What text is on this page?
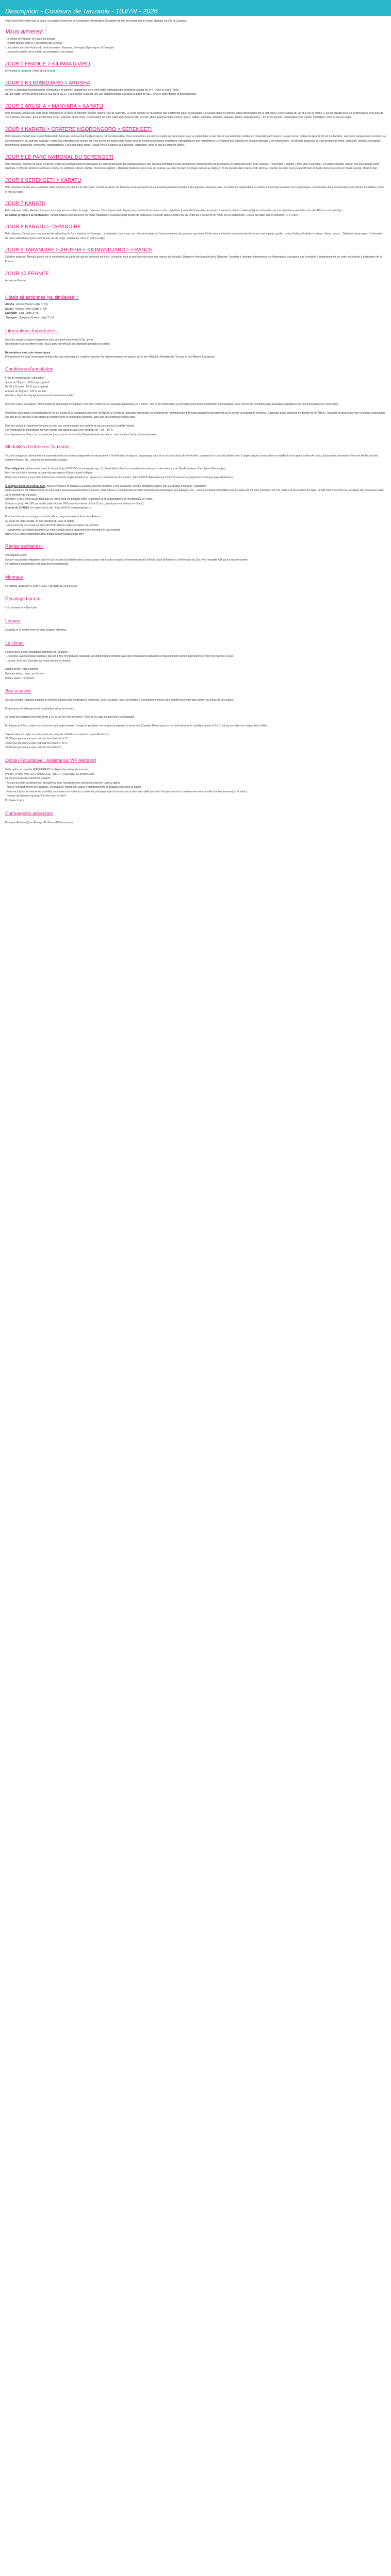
Description - Couleurs de Tanzanie - 10J/7N - 2026

Vous serez émerveillés par la faune, les plaines immenses et le mythique Kilimandjaro. Possibilité de finir en beauté par un séjour idyllique sur l'île de Zanzibar.

Vous aimerez :

- Le circuit en véhicule 4x4 avec toit ouvrant

- Le petit groupe limité à 7 personnes par véhicule

- Les safaris dans les 4 parcs du nord tanzanien : Manyara, Serengeti, Ngorongoro et Tarangire

- La marche guidée dans la forêt accompagnée d'un ranger

JOUR 1 FRANCE > KILIMANDJARO

Envol pour la Tanzanie. Dîner et nuit à bord.

JOUR 2 KILIMANDJARO > ARUSHA

Arrivée à l'aéroport international de Kilimandjaro et transfert anglophone vers votre hôtel. Attribution des chambres à partir de 14H. Dîner et nuit à l'hôtel.

ATTENTION : si vous arrivez dans la nuit du J1 au J2, il faut penser à ajouter une nuit supplémentaire à Arusha (à partir de 85€ / pers en base double et petit déjeuner).

JOUR 3 ARUSHA > MANYARA > KARATU

Petit déjeuner. Accueil par votre guide francophone et route en direction du parc national du Lac Manyara. Le visite du parc se caractérise par 3 différents types de paysages : la savane dans les plaines Masaï interrompue par la Rift Valley, la forêt autour du lac et le lac lui-même. C'est un paradis pour les ornithologues avec plus de 400 espèces d'oiseaux, dont les flamants roses. Déjeuner pique-nique. Continuation de votre safari dans l'après-midi. Le Parc abrite également des zèbres, gnous, buffles, babouins, léopards, impalas, girafes, hippopotames... En fin de journée, continuation vers Karatu. Installation, dîner et nuit au lodge.

JOUR 4 KARATU > CRATERE NGORONGORO > SERENGETI

Petit déjeuner. Départ pour le parc National du Serengeti en traversant la Ngorongoro Conservation Area. Vous descendrez au sein du cratère du Ngorongoro pour un safari dans ce lieu classé au patrimoine mondial de l'humanité par l'Unesco. Le parc est un cratère de plus de 20 km de diamètre, aux flancs relativement escarpés. La concentration en vie animale sauvage y est la plus importante du monde car c'est un lieu de transit et de séjour pour de nombreux animaux migrateurs, principalement des mammifères. La majorité des espèces de la faune africaine y est représentée : les grands troupeaux et leurs prédateurs (lions, guépards, hyènes), les grands mammifères (éléphants, rhinocéros, hippopotames). Déjeuner pique-nique. Départ vers les plaines du Serengeti. Installation, dîner et nuit au camp de tentes.

JOUR 5 LE PARC NATIONAL DU SERENGETI

Petit déjeuner. Journée de safari à travers le parc du Serengeti dont les paysages se caractérisent par des grandes plaines, des grandes termitières et des montículos rocheux précis les prédateurs se prélassent entre deux chasses. « Serengeti » signifie « terre vide et étendue » en langue massaï, est l'un des plus grands parcs d'Afrique. Il offre de nombreux animaux comme les antilopes, zèbres, buffles, rhinocéros, girafes... Déjeuner barbecue servi sous les acacias, au cœur du parc Serengeti. Retour au lodge en fin de journée dans l'après-midi. Arrêt au coucher du soleil pour un apéritif dans le Bush. Retour au camp en fin de journée. Dîner et nuit.

JOUR 6 SERENGETI > KARATU

Petit déjeuner. Départ pour un dernier safari à travers les plaines du Serengeti. C'est le seul parc de Tanzanie où les guépards et les léopards peuvent facilement être aperçus. Déjeuner dans un restaurant surplombant le cratère et traversée traversée de la Ngorongoro Conservation Area. Continuation vers Karatu. Installation, dîner et nuit au lodge.

JOUR 7 KARATU

Petit déjeuner buffet. Matinée libre pour vous reposer et profiter du lodge. Déjeuner. Dans l'après-midi, départ pour la visite d'une école ou d'un orphelinat (possibilité d'apporter des jouets, matériel scolaire ou vêtements) et continuation pour la visite d'une plantation de café. Dîner et nuit au lodge.

En option (à régler à la réservation) : départ matinal pour découvrir les tribus Hadzabés et Datogas (petit peuple de chasseurs-cueilleurs dans la région du lac Eyasi qui a conservé un mode de vie traditionnel). Retour au lodge pour le déjeuner. 70 € / pers.

JOUR 8 KARATU > TARANGIRE

Petit déjeuner. Départ pour une journée de safari dans le Parc National de Tarangire. La végétation de ce parc est riche en baobabs et l'environnement des grandes paroisses. Cette savane arborée concourt particulièrement aux impalas, girafes, cobes Defassa, bubales et élans, zèbres, gnous... Déjeuner pique-nique. Continuation de votre safari dans l'après-midi. Route vers le lodge. Installation, dîner et nuit au lodge.

JOUR 9 TARANGIRE > ARUSHA > KILIMANDJARO > FRANCE

Collation matinale. Marche guidée sur la concession du camp ain cas de présence de félins, la marche peut ne pas avoir lieu pour des raisons de sécurité). Départ en direction d'Arusha. Déjeuner. Transfert à l'aéroport international de Kilimandjaro, assistance aux formalités d'embarquement sur votre vol régulier à destination de la France.

JOUR 10 FRANCE

Arrivée en France.

Hôtels sélectionnés (ou similaires) :

Arusha : Arusha Planet Lodge 3* (nl)

Karatu : Marera Valley Lodge 3* (nl)

Serengeti : Lala Camp 3* (nl)

Tarangire : Sangaiwe Tented Lodge 3* (nl)

Informations Importantes :

Sacs de voyages souples obligatoires pour ce circuit (maximum 20 kg / pers).

Une grande roue est offerte et de l'eau à bord du véhicule est disponible pendant les safaris.

Réservations avec vols domestiques

Préalablement à toute réservation incluant des vols domestiques, veuillez consulter les réglementations en vigueur sur le site officiel du Ministère de l'Europe et des Affaires Étrangères

Conditions d'annulation

Frais de modifications / annulation :

A plus de 30 jours : 15% du prix global

De 30 à 15 jours : 85 % du prix global

A moins de 15 jours : 100 % de frais

Attention, l'ajout de bagage optionnel est non remboursable.

Pour les ventes packagées, Travel Explorer et package dynamique (vols secs, hôtels sec ou package dynamique vol + hôtel) : 100 % du montant de la réservation pour toute modification ou annulation, sous réserve de conditions plus favorables appliquées par le/les prestataire(s) concerné(s).

Pour toute annulation ou modification de vol de la part de la compagnie aérienne RYANAIR, le voyageur / passager devra faire sa demande de remboursement de façon autonome directement sur le site de la compagnie aérienne. S'agissant d'une exigence de gestion de RYANAIR, Voyamar ne pourra pas être tenu pour responsable à la fois de ce process et des délais de traitement de la compagnie aérienne, ainsi que des remboursements émis.

Pour les circuits et croisières fluviales ne sont pas recommandés aux enfants et aux personnes à mobilité réduite.

Les minimums de participants sur nos circuits sont garantis avec une flexibilité de + ou – 10 %.

Les déjeuners ou dîners du 1er et dernier jours sont en fonction de l'heure d'arrivée de l'avion : soit pris dans l'avion soit à destination.

Modalités d'entrée en Tanzanie :

Tous les voyageurs doivent être en possession des documents obligatoires et nécessaires à l'entrée dans le pays ou au passage dans le ou les pays d'escale éventuelle : passeport en cours de validité avec 2 pages vierges consécutives et valable 6 mois après la date de retour, autorisation parentale et livret de famille pour les enfants mineurs, etc... pour les ressortissants français.

Visa obligatoire : A demander avant le départ (https://XXXXX/visa.immigration.go.tz/). Possibilité d'obtenir un visa dans les aéroports internationaux de Dar-Es-Salaam, Zanzibar et Kilimandjaro.

Merci de nous faire parvenir la copie des passeports 45 jours avant le départ

Nous vous invitons à vous tenir informé des dernières réglementations en vigueur en consultant le site suivant : https://XXXX.diplomatie.gouv.fr/fr/conseils-aux-voyageurs/conseils-par-pays-destination

A compter du 01 OCTOBRE 2024, tous les visiteurs se rendant à Zanzibar devront souscrire à une assurance voyage obligatoire agréée par la Zanzibar Insurance Corporation.

Cette assurance est indépendante de toute autre assurance personnelle et couvre, entre autres, le rapatriement, les frais médicaux, les dommages aux bagages, etc... Cette couverture est valable pour un séjour de 92 jours maximum sur l'île. Suite à la souscription en ligne, un QR code sera fourni au voyageur afin de pouvoir entrer sur le territoire de Zanzibar.

Attention, il est à noter qu'un délai plus ou moins long est possible entre le moment de la souscription et la réception du QR code.

Coût (à ce jour) : 44 USD par adulte (réduction de 50% pour les enfants de 3 à 17 ans, gratuit pour les enfants de -3 ans).

A partir du 01/09/24, se rendre sur le site : https://XXXX.visitzanzibar.go.tz/

Pour tout inscrire son voyage sur le site officiel du gouvernement français « Ariane »

Au cours de votre voyage, et si la situation du pays le justifie :

- Vous recevrez par e-mail ou SMS des informations et des consignes de sécurité.

- La personne de contact désignée sur votre compte pourra également être prévenue le cas échéant.

https://XXXX.pastel.diplomatie.gouv.fr/fildariane/dyn/public/login.html

Règles sanitaires :

Vaccinations à jour.

Aucune vaccination obligatoire sauf en cas de séjour préalable dans certains pays où il existe un risque de transmission de la fièvre jaune (d'Afrique ou d'Amérique du Sud avec l'hépatite A/B qui est recommandée.

Le traitement antipaludéen est également recommandé.

Monnaie

Le Shilling Tanzanien (1 euro = 3065 TZS (taux au 20/04/2026).

Décalage horaire

+ 2h en hiver et + 1h en été

Langue

L'anglais et le swahili sont les deux langues officielles.

Le climat

Il existe deux zones climatiques distinctes en Tanzanie :

- L'intérieur, avec les hauts plateaux (plus de 1 500 m d'altitude), subissant un climat tropical tempéré avec des températures agréables et douces toute l'année mais fraîches, voire très fraîches, la nuit.

- La côte, ainsi que Zanzibar, au climat équatorial humide.

Saison sèche : juin à octobre

Grandes pluies : mars, avril et mai

Petites pluies : novembre.

Bon à savoir

Circuits privatifs : départs quotidiens selon les horaires des compagnies aériennes. Selon la saison, et/ou la migration, le programme pourra être modifié pour vous faire profiter au mieux de vos safaris.

Programmes et hébergements modulables selon vos envies.

La poids des bagages peut être limité à 15 kg sur les vols intérieurs. Préférez les sacs souples pour vos bagages.

En Afrique de l'Est, comme dans tous les pays anglo-saxons, l'usage du pourboire est largement répandu et important. Compter 10 usd par jour par véhicule pour le chauffeur-guide et 3 à 5 usd par jour dans les lodges et/ou hôtels.

Taxe de séjour à régler sur place selon la catégorie d'hôtel (sous réserve de modifications) :

3 USD par personne et par nuit pour les hôtels 4* et 5*,

4 USD par personne et par nuit pour les hôtels 3* et 2*,

2 USD par personne et par nuit pour les hôtels 1*.

Option Facultative : Assistance VIP Aéroport

Cette option est valable UNIQUEMENT au départ des aéroports suivants :

PARIS / LYON / NANTES / MARSEILLE / NICE / TOULOUSE ET BORDEAUX

Ce service inclus les éléments suivants :

- Accueil du client en dehors de l'aéroport ou dans l'aéroport selon son mode d'arrivée (taxi ou autre)

- Aide à l'enregistrement des bagages, vérifications, édition des cartes d'embarquement et bagages sans faire la queue

- Fast-track (dans la mesure du possible) pour éviter une sortie du contrôle de police/passeports et faire une arrivée sans faille (ou selon l'emplacement du cheminement vers la salle d'embarquement) ou le salon)

- Gestion de l'imprévu (quel qu'il arrive) avec le client

Prix base 2 pers

Compagnies aériennes

Ethiopian Airlines, Qatar Airways, Air France/KLM ou autres
